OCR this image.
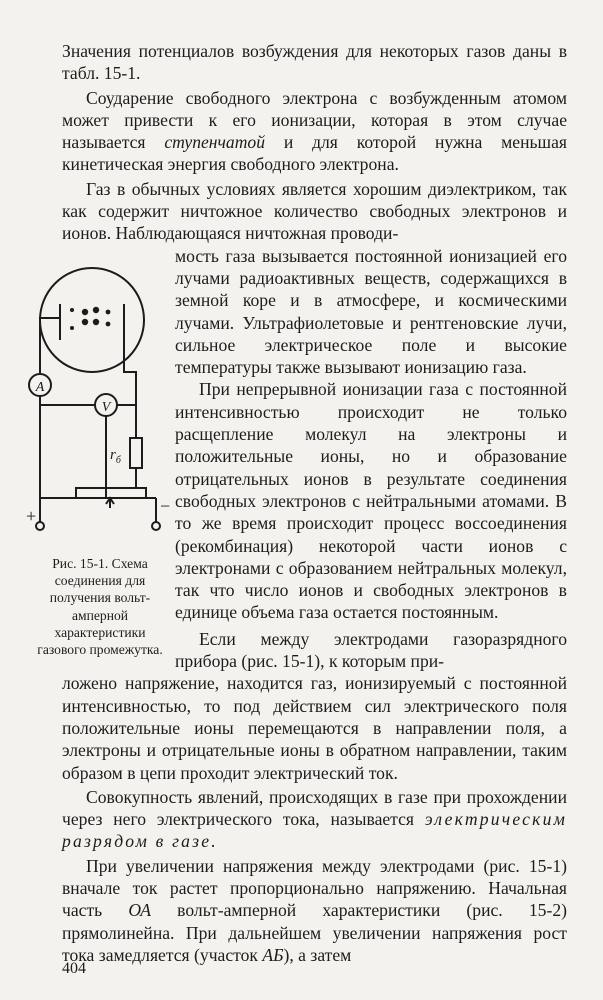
Значения потенциалов возбуждения для некоторых газов даны в табл. 15-1.

Соударение свободного электрона с возбужденным атомом может привести к его ионизации, которая в этом случае называется ступенчатой и для которой нужна меньшая кинетическая энергия свободного электрона.

Газ в обычных условиях является хорошим диэлектриком, так как содержит ничтожное количество свободных электронов и ионов. Наблюдающаяся ничтожная проводи-

мость газа вызывается постоянной ионизацией его лучами радиоактивных веществ, содержащихся в земной коре и в атмосфере, и космическими лучами. Ультрафиолетовые и рентгеновские лучи, сильное электрическое поле и высокие температуры также вызывают ионизацию газа.

При непрерывной ионизации газа с постоянной интенсивностью происходит не только расщепление молекул на электроны и положительные ионы, но и образование отрицательных ионов в результате соединения свободных электронов с нейтральными атомами. В то же время происходит процесс воссоединения (рекомбинация) некоторой части ионов с электронами с образованием нейтральных молекул, так что число ионов и свободных электронов в единице объема газа остается постоянным.

Если между электродами газоразрядного прибора (рис. 15-1), к которым при-

ложено напряжение, находится газ, ионизируемый с постоянной интенсивностью, то под действием сил электрического поля положительные ионы перемещаются в направлении поля, а электроны и отрицательные ионы в обратном направлении, таким образом в цепи проходит электрический ток.

Совокупность явлений, происходящих в газе при прохождении через него электрического тока, называется электрическим разрядом в газе.

При увеличении напряжения между электродами (рис. 15-1) вначале ток растет пропорционально напряжению. Начальная часть ОА вольт-амперной характеристики (рис. 15-2) прямолинейна. При дальнейшем увеличении напряжения рост тока замедляется (участок АБ), а затем

A
V
$r_б$
+	−

Рис. 15-1. Схема соединения для получения вольт-амперной характеристики газового промежутка.

404
